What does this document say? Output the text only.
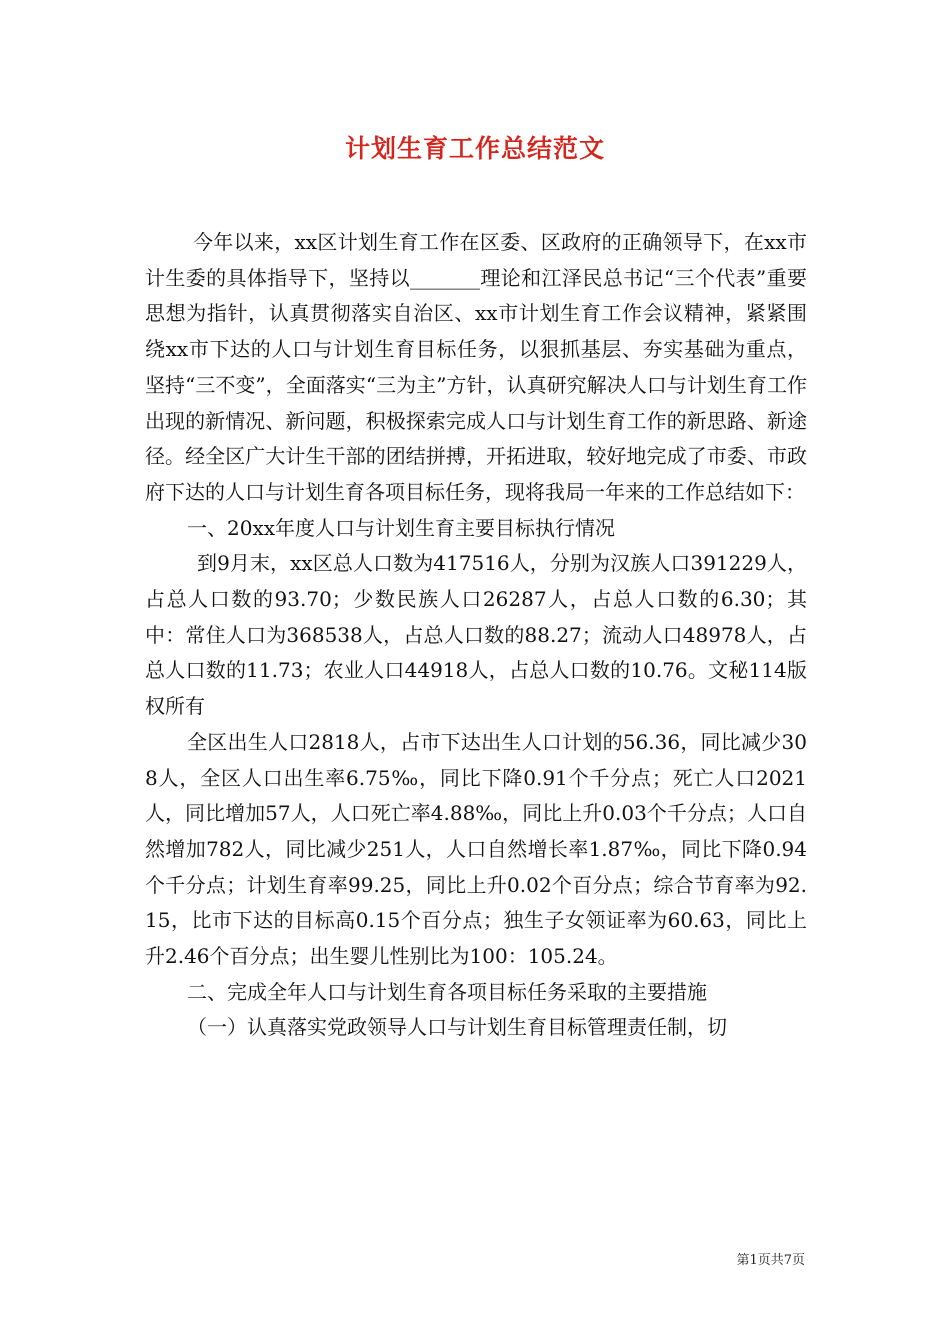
计划生育工作总结范文

今年以来，xx区计划生育工作在区委、区政府的正确领导下，在xx市计生委的具体指导下，坚持以_______理论和江泽民总书记“三个代表”重要思想为指针，认真贯彻落实自治区、xx市计划生育工作会议精神，紧紧围绕xx市下达的人口与计划生育目标任务，以狠抓基层、夯实基础为重点，坚持“三不变”，全面落实“三为主”方针，认真研究解决人口与计划生育工作出现的新情况、新问题，积极探索完成人口与计划生育工作的新思路、新途径。经全区广大计生干部的团结拼搏，开拓进取，较好地完成了市委、市政府下达的人口与计划生育各项目标任务，现将我局一年来的工作总结如下：

一、20xx年度人口与计划生育主要目标执行情况

到9月末，xx区总人口数为417516人，分别为汉族人口391229人，占总人口数的93.70；少数民族人口26287人，占总人口数的6.30；其中：常住人口为368538人，占总人口数的88.27；流动人口48978人，占总人口数的11.73；农业人口44918人，占总人口数的10.76。文秘114版权所有

全区出生人口2818人，占市下达出生人口计划的56.36，同比减少308人，全区人口出生率6.75‰，同比下降0.91个千分点；死亡人口2021人，同比增加57人，人口死亡率4.88‰，同比上升0.03个千分点；人口自然增加782人，同比减少251人，人口自然增长率1.87‰，同比下降0.94个千分点；计划生育率99.25，同比上升0.02个百分点；综合节育率为92.15，比市下达的目标高0.15个百分点；独生子女领证率为60.63，同比上升2.46个百分点；出生婴儿性别比为100：105.24。

二、完成全年人口与计划生育各项目标任务采取的主要措施

（一）认真落实党政领导人口与计划生育目标管理责任制，切

第1页共7页
